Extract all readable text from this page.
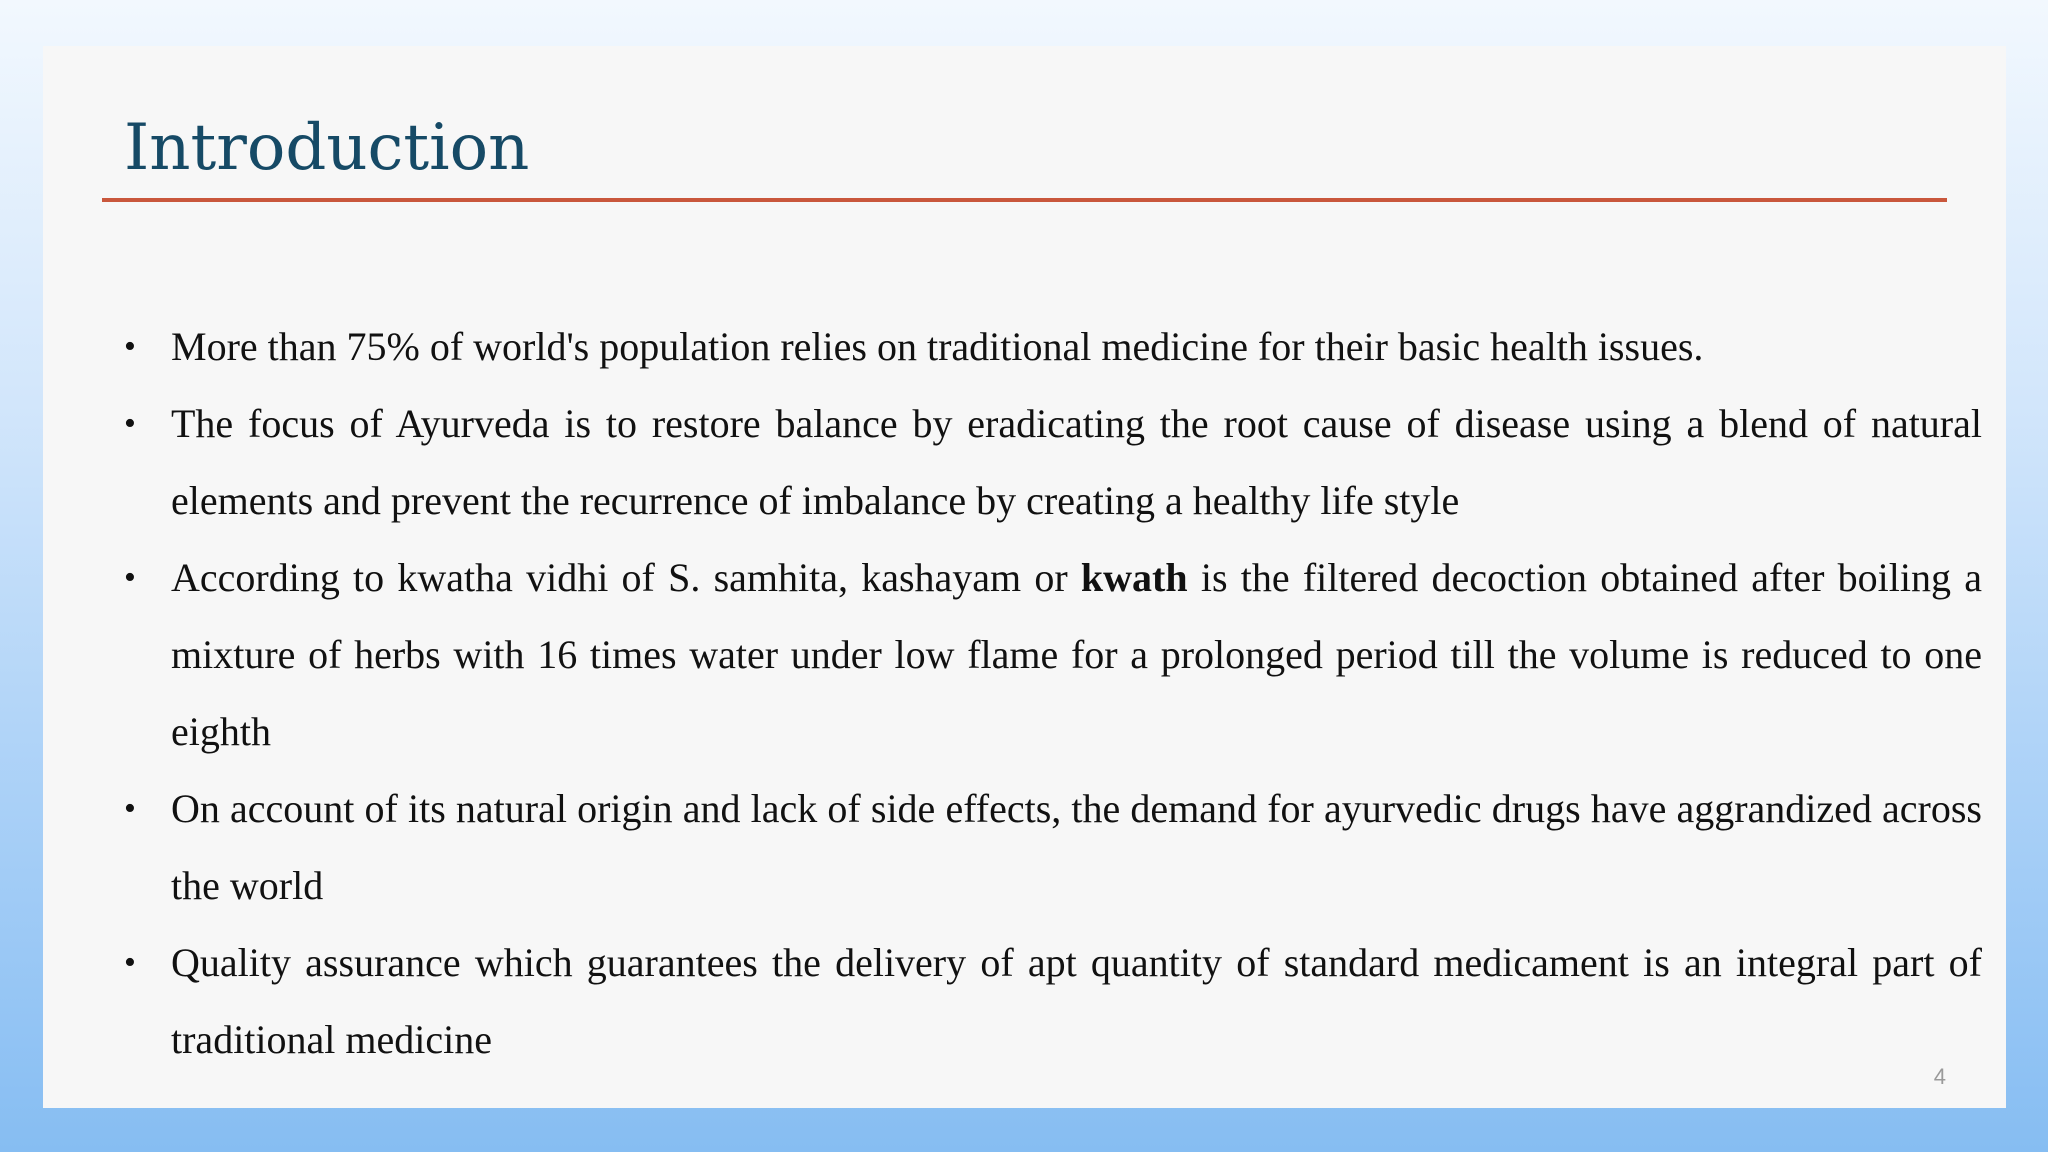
Introduction
• More than 75% of world's population relies on traditional medicine for their basic health issues.
• The focus of Ayurveda is to restore balance by eradicating the root cause of disease using a blend of natural elements and prevent the recurrence of imbalance by creating a healthy life style
• According to kwatha vidhi of S. samhita, kashayam or kwath is the filtered decoction obtained after boiling a mixture of herbs with 16 times water under low flame for a prolonged period till the volume is reduced to one eighth
• On account of its natural origin and lack of side effects, the demand for ayurvedic drugs have aggrandized across the world
• Quality assurance which guarantees the delivery of apt quantity of standard medicament is an integral part of traditional medicine
4
